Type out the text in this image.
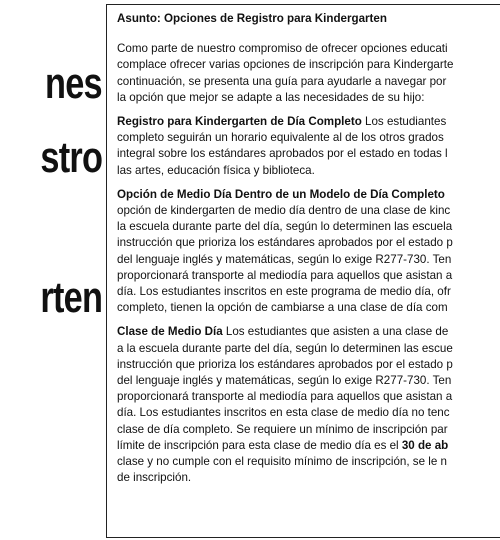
nes
stro
rten
Asunto: Opciones de Registro para Kindergarten
Como parte de nuestro compromiso de ofrecer opciones educati
complace ofrecer varias opciones de inscripción para Kindergarte
continuación, se presenta una guía para ayudarle a navegar por
la opción que mejor se adapte a las necesidades de su hijo:
Registro para Kindergarten de Día Completo Los estudiantes
completo seguirán un horario equivalente al de los otros grados
integral sobre los estándares aprobados por el estado en todas l
las artes, educación física y biblioteca.
Opción de Medio Día Dentro de un Modelo de Día Completo
opción de kindergarten de medio día dentro de una clase de kinc
la escuela durante parte del día, según lo determinen las escuela
instrucción que prioriza los estándares aprobados por el estado p
del lenguaje inglés y matemáticas, según lo exige R277-730. Ten
proporcionará transporte al mediodía para aquellos que asistan a
día. Los estudiantes inscritos en este programa de medio día, ofr
completo, tienen la opción de cambiarse a una clase de día com
Clase de Medio Día Los estudiantes que asisten a una clase de
a la escuela durante parte del día, según lo determinen las escue
instrucción que prioriza los estándares aprobados por el estado p
del lenguaje inglés y matemáticas, según lo exige R277-730. Ten
proporcionará transporte al mediodía para aquellos que asistan a
día. Los estudiantes inscritos en esta clase de medio día no tenc
clase de día completo. Se requiere un mínimo de inscripción par
límite de inscripción para esta clase de medio día es el 30 de ab
clase y no cumple con el requisito mínimo de inscripción, se le n
de inscripción.
